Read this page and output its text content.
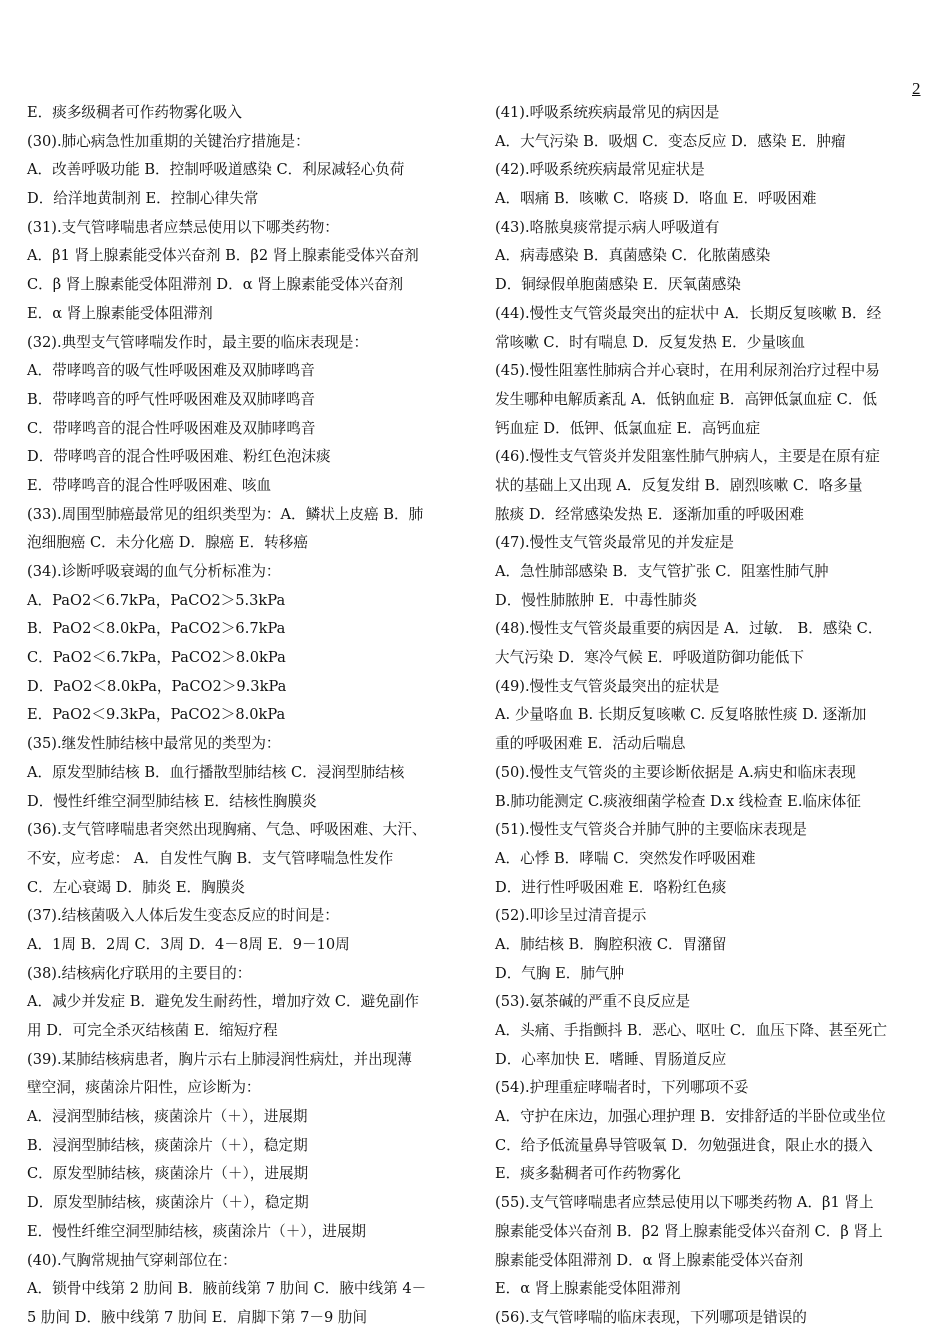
2
E．痰多级稠者可作药物雾化吸入
(30).肺心病急性加重期的关键治疗措施是：
A．改善呼吸功能 B．控制呼吸道感染 C．利尿减轻心负荷
D．给洋地黄制剂 E．控制心律失常
(31).支气管哮喘患者应禁忌使用以下哪类药物：
A．β1 肾上腺素能受体兴奋剂 B．β2 肾上腺素能受体兴奋剂
C．β 肾上腺素能受体阻滞剂 D．α 肾上腺素能受体兴奋剂
E．α 肾上腺素能受体阻滞剂
(32).典型支气管哮喘发作时，最主要的临床表现是：
A．带哮鸣音的吸气性呼吸困难及双肺哮鸣音
B．带哮鸣音的呼气性呼吸困难及双肺哮鸣音
C．带哮鸣音的混合性呼吸困难及双肺哮鸣音
D．带哮鸣音的混合性呼吸困难、粉红色泡沫痰
E．带哮鸣音的混合性呼吸困难、咳血
(33).周围型肺癌最常见的组织类型为：A．鳞状上皮癌 B．肺
泡细胞癌 C．未分化癌 D．腺癌 E．转移癌
(34).诊断呼吸衰竭的血气分析标准为：
A．PaO2＜6.7kPa，PaCO2＞5.3kPa
B．PaO2＜8.0kPa，PaCO2＞6.7kPa
C．PaO2＜6.7kPa，PaCO2＞8.0kPa
D．PaO2＜8.0kPa，PaCO2＞9.3kPa
E．PaO2＜9.3kPa，PaCO2＞8.0kPa
(35).继发性肺结核中最常见的类型为：
A．原发型肺结核 B．血行播散型肺结核 C．浸润型肺结核
D．慢性纤维空洞型肺结核 E．结核性胸膜炎
(36).支气管哮喘患者突然出现胸痛、气急、呼吸困难、大汗、
不安，应考虑： A．自发性气胸 B．支气管哮喘急性发作
C．左心衰竭 D．肺炎 E．胸膜炎
(37).结核菌吸入人体后发生变态反应的时间是：
A．1周 B．2周 C．3周 D．4－8周 E．9－10周
(38).结核病化疗联用的主要目的：
A．减少并发症 B．避免发生耐药性，增加疗效 C．避免副作
用 D．可完全杀灭结核菌 E．缩短疗程
(39).某肺结核病患者，胸片示右上肺浸润性病灶，并出现薄
壁空洞，痰菌涂片阳性，应诊断为：
A．浸润型肺结核，痰菌涂片（＋），进展期
B．浸润型肺结核，痰菌涂片（＋），稳定期
C．原发型肺结核，痰菌涂片（＋），进展期
D．原发型肺结核，痰菌涂片（＋），稳定期
E．慢性纤维空洞型肺结核，痰菌涂片（＋），进展期
(40).气胸常规抽气穿刺部位在：
A．锁骨中线第 2 肋间 B．腋前线第 7 肋间 C．腋中线第 4－
5 肋间 D．腋中线第 7 肋间 E．肩脚下第 7－9 肋间
(41).呼吸系统疾病最常见的病因是
A．大气污染 B．吸烟 C．变态反应 D．感染 E．肿瘤
(42).呼吸系统疾病最常见症状是
A．咽痛 B．咳嗽 C．咯痰 D．咯血 E．呼吸困难
(43).咯脓臭痰常提示病人呼吸道有
A．病毒感染 B．真菌感染 C．化脓菌感染
D．铜绿假单胞菌感染 E．厌氧菌感染
(44).慢性支气管炎最突出的症状中 A．长期反复咳嗽 B．经
常咳嗽 C．时有喘息 D．反复发热 E．少量咳血
(45).慢性阻塞性肺病合并心衰时，在用利尿剂治疗过程中易
发生哪种电解质紊乱 A．低钠血症 B．高钾低氯血症 C．低
钙血症 D．低钾、低氯血症 E．高钙血症
(46).慢性支气管炎并发阻塞性肺气肿病人，主要是在原有症
状的基础上又出现 A．反复发绀 B．剧烈咳嗽 C．咯多量
脓痰 D．经常感染发热 E．逐渐加重的呼吸困难
(47).慢性支气管炎最常见的并发症是
A．急性肺部感染 B．支气管扩张 C．阻塞性肺气肿
D．慢性肺脓肿 E．中毒性肺炎
(48).慢性支气管炎最重要的病因是 A．过敏． B．感染 C．
大气污染 D．寒冷气候 E．呼吸道防御功能低下
(49).慢性支气管炎最突出的症状是
A. 少量咯血 B. 长期反复咳嗽 C. 反复咯脓性痰 D. 逐渐加
重的呼吸困难 E．活动后喘息
(50).慢性支气管炎的主要诊断依据是 A.病史和临床表现
B.肺功能测定 C.痰液细菌学检查 D.x 线检查 E.临床体征
(51).慢性支气管炎合并肺气肿的主要临床表现是
A．心悸 B．哮喘 C．突然发作呼吸困难
D．进行性呼吸困难 E．咯粉红色痰
(52).叩诊呈过清音提示
A．肺结核 B．胸腔积液 C．胃潴留
D．气胸 E．肺气肿
(53).氨茶碱的严重不良反应是
A．头痛、手指颤抖 B．恶心、呕吐 C．血压下降、甚至死亡
D．心率加快 E．嗜睡、胃肠道反应
(54).护理重症哮喘者时，下列哪项不妥
A．守护在床边，加强心理护理 B．安排舒适的半卧位或坐位
C．给予低流量鼻导管吸氧 D．勿勉强进食，限止水的摄入
E．痰多黏稠者可作药物雾化
(55).支气管哮喘患者应禁忌使用以下哪类药物 A．β1 肾上
腺素能受体兴奋剂 B．β2 肾上腺素能受体兴奋剂 C．β 肾上
腺素能受体阻滞剂 D．α 肾上腺素能受体兴奋剂
E．α 肾上腺素能受体阻滞剂
(56).支气管哮喘的临床表现，下列哪项是错误的
